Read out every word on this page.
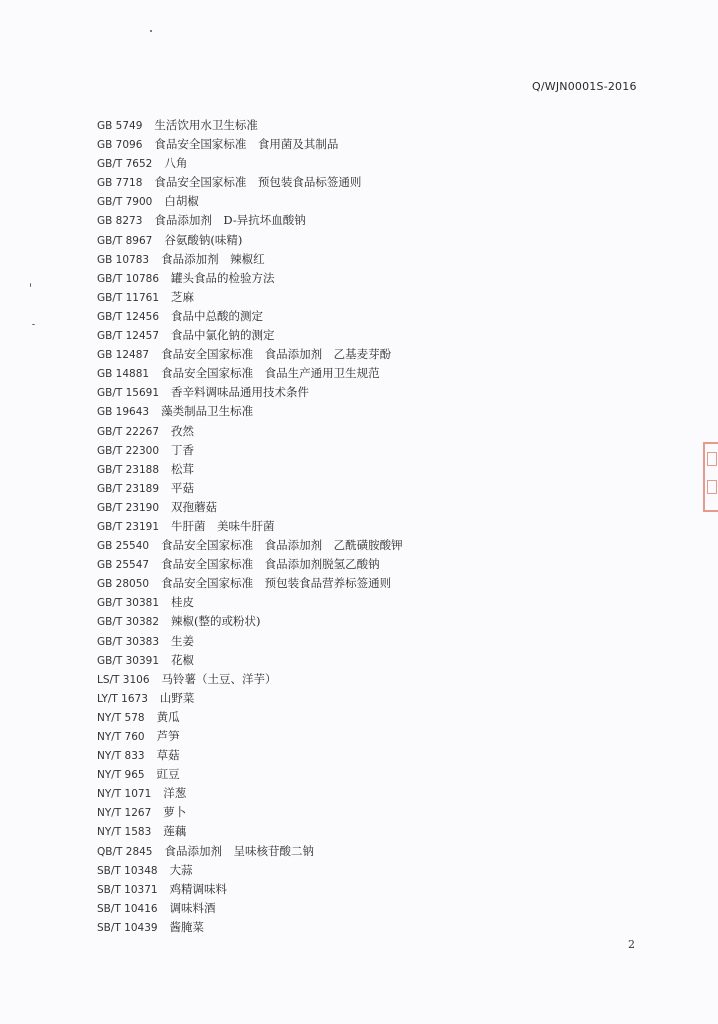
Q/WJN0001S-2016
GB 5749 生活饮用水卫生标准
GB 7096 食品安全国家标准　食用菌及其制品
GB/T 7652 八角
GB 7718 食品安全国家标准　预包装食品标签通则
GB/T 7900 白胡椒
GB 8273 食品添加剂　D-异抗坏血酸钠
GB/T 8967 谷氨酸钠(味精)
GB 10783 食品添加剂　辣椒红
GB/T 10786 罐头食品的检验方法
GB/T 11761 芝麻
GB/T 12456 食品中总酸的测定
GB/T 12457 食品中氯化钠的测定
GB 12487 食品安全国家标准　食品添加剂　乙基麦芽酚
GB 14881 食品安全国家标准　食品生产通用卫生规范
GB/T 15691 香辛料调味品通用技术条件
GB 19643 藻类制品卫生标准
GB/T 22267 孜然
GB/T 22300 丁香
GB/T 23188 松茸
GB/T 23189 平菇
GB/T 23190 双孢蘑菇
GB/T 23191 牛肝菌　美味牛肝菌
GB 25540 食品安全国家标准　食品添加剂　乙酰磺胺酸钾
GB 25547 食品安全国家标准　食品添加剂脱氢乙酸钠
GB 28050 食品安全国家标准　预包装食品营养标签通则
GB/T 30381 桂皮
GB/T 30382 辣椒(整的或粉状)
GB/T 30383 生姜
GB/T 30391 花椒
LS/T 3106 马铃薯（土豆、洋芋）
LY/T 1673 山野菜
NY/T 578 黄瓜
NY/T 760 芦笋
NY/T 833 草菇
NY/T 965 豇豆
NY/T 1071 洋葱
NY/T 1267 萝卜
NY/T 1583 莲藕
QB/T 2845 食品添加剂　呈味核苷酸二钠
SB/T 10348 大蒜
SB/T 10371 鸡精调味料
SB/T 10416 调味料酒
SB/T 10439 酱腌菜
2
